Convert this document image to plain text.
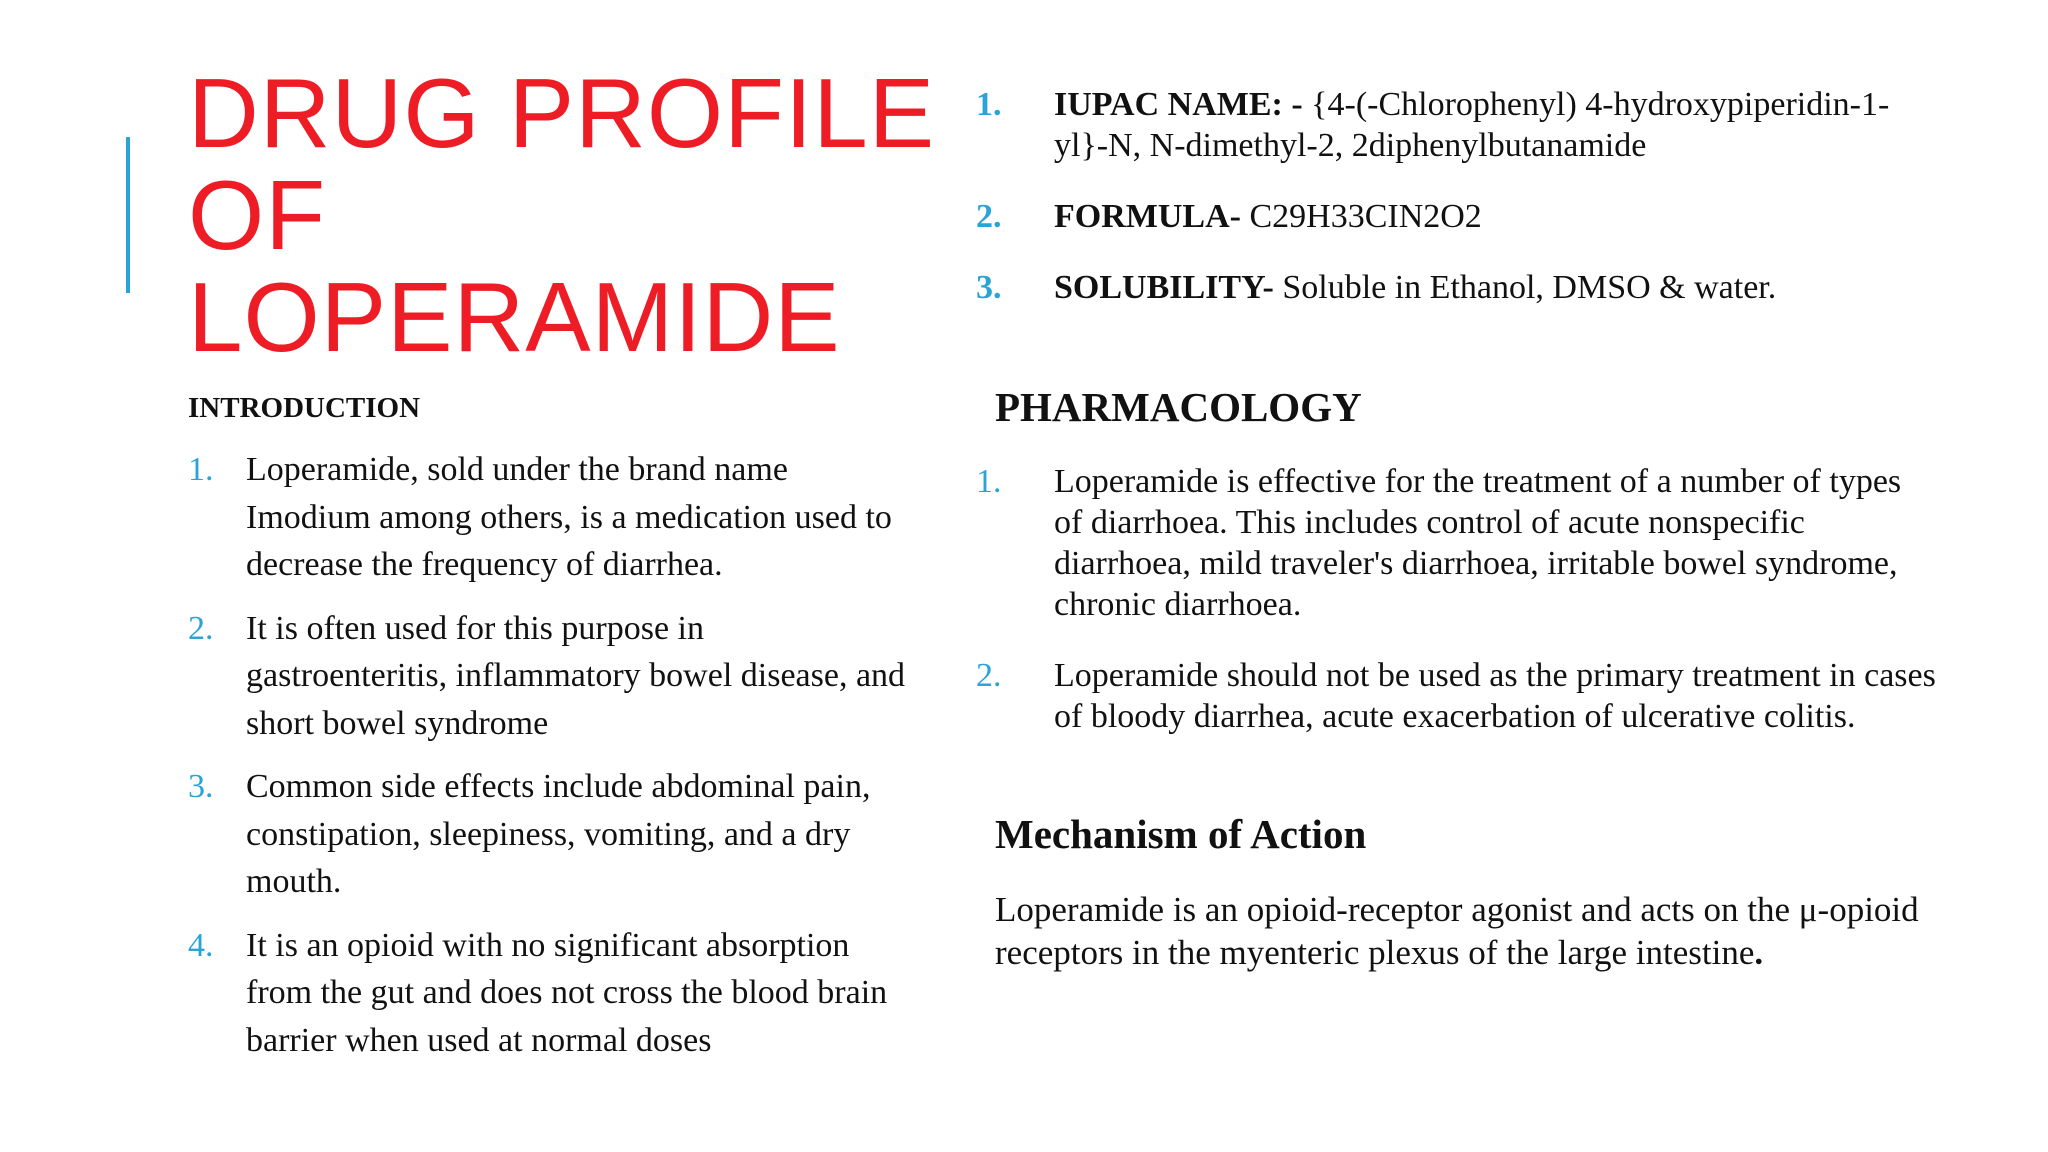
DRUG PROFILE
OF
LOPERAMIDE
INTRODUCTION
1. Loperamide, sold under the brand name Imodium among others, is a medication used to decrease the frequency of diarrhea.
2. It is often used for this purpose in gastroenteritis, inflammatory bowel disease, and short bowel syndrome
3. Common side effects include abdominal pain, constipation, sleepiness, vomiting, and a dry mouth.
4. It is an opioid with no significant absorption from the gut and does not cross the blood brain barrier when used at normal doses
1. IUPAC NAME: - {4-(-Chlorophenyl) 4-hydroxypiperidin-1-yl}-N, N-dimethyl-2, 2diphenylbutanamide
2. FORMULA- C29H33CIN2O2
3. SOLUBILITY- Soluble in Ethanol, DMSO & water.
PHARMACOLOGY
1. Loperamide is effective for the treatment of a number of types of diarrhoea. This includes control of acute nonspecific diarrhoea, mild traveler's diarrhoea, irritable bowel syndrome, chronic diarrhoea.
2. Loperamide should not be used as the primary treatment in cases of bloody diarrhea, acute exacerbation of ulcerative colitis.
Mechanism of Action

Loperamide is an opioid-receptor agonist and acts on the μ-opioid receptors in the myenteric plexus of the large intestine.
